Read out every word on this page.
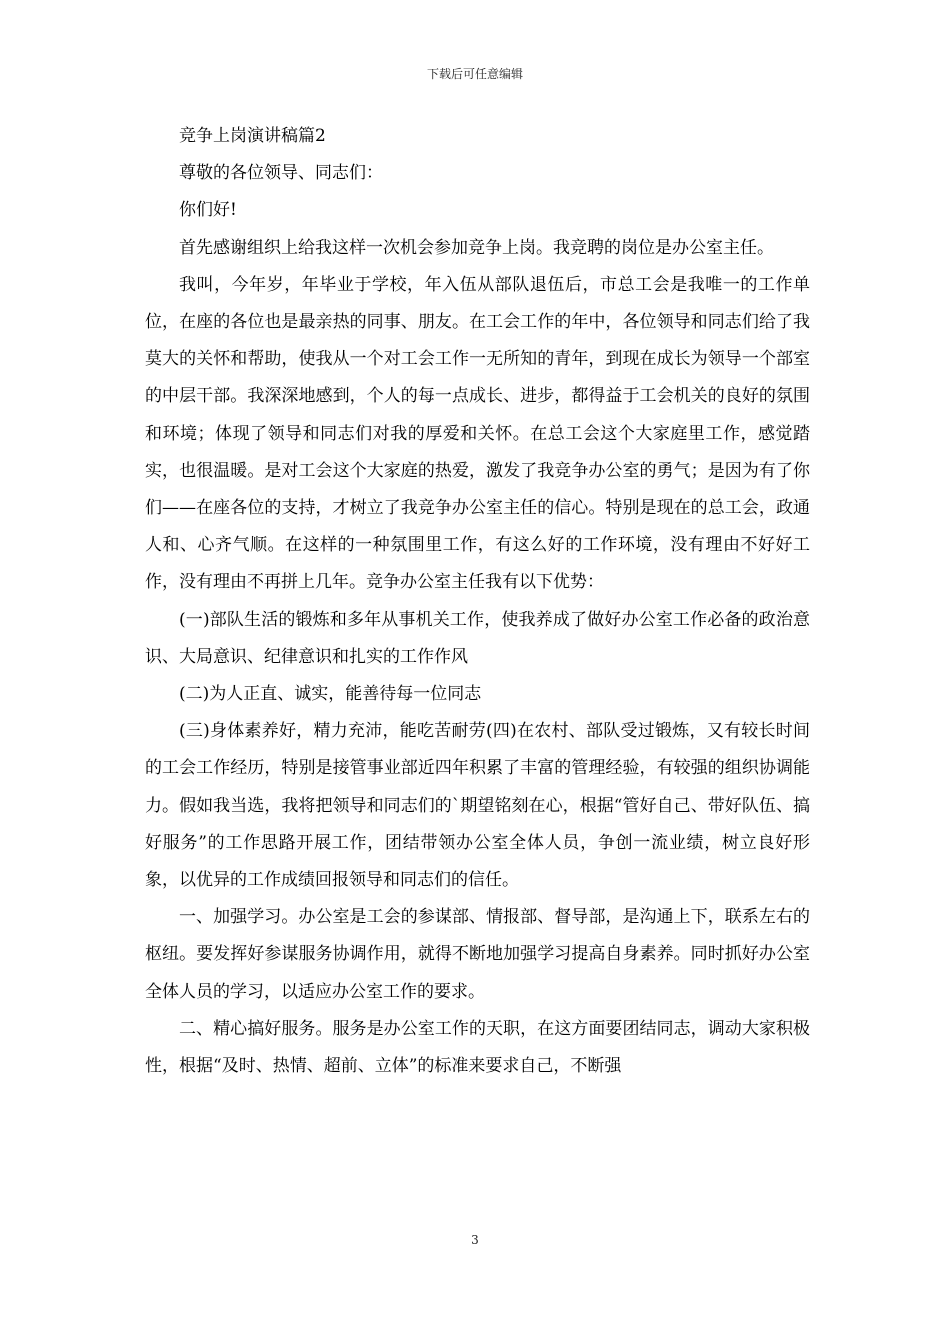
下载后可任意编辑

竞争上岗演讲稿篇2

尊敬的各位领导、同志们：

你们好!

首先感谢组织上给我这样一次机会参加竞争上岗。我竞聘的岗位是办公室主任。

我叫，今年岁，年毕业于学校，年入伍从部队退伍后，市总工会是我唯一的工作单位，在座的各位也是最亲热的同事、朋友。在工会工作的年中，各位领导和同志们给了我莫大的关怀和帮助，使我从一个对工会工作一无所知的青年，到现在成长为领导一个部室的中层干部。我深深地感到，个人的每一点成长、进步，都得益于工会机关的良好的氛围和环境；体现了领导和同志们对我的厚爱和关怀。在总工会这个大家庭里工作，感觉踏实，也很温暖。是对工会这个大家庭的热爱，激发了我竞争办公室的勇气；是因为有了你们——在座各位的支持，才树立了我竞争办公室主任的信心。特别是现在的总工会，政通人和、心齐气顺。在这样的一种氛围里工作，有这么好的工作环境，没有理由不好好工作，没有理由不再拼上几年。竞争办公室主任我有以下优势：

(一)部队生活的锻炼和多年从事机关工作，使我养成了做好办公室工作必备的政治意识、大局意识、纪律意识和扎实的工作作风

(二)为人正直、诚实，能善待每一位同志

(三)身体素养好，精力充沛，能吃苦耐劳(四)在农村、部队受过锻炼，又有较长时间的工会工作经历，特别是接管事业部近四年积累了丰富的管理经验，有较强的组织协调能力。假如我当选，我将把领导和同志们的`期望铭刻在心，根据“管好自己、带好队伍、搞好服务”的工作思路开展工作，团结带领办公室全体人员，争创一流业绩，树立良好形象，以优异的工作成绩回报领导和同志们的信任。

一、加强学习。办公室是工会的参谋部、情报部、督导部，是沟通上下，联系左右的枢纽。要发挥好参谋服务协调作用，就得不断地加强学习提高自身素养。同时抓好办公室全体人员的学习，以适应办公室工作的要求。

二、精心搞好服务。服务是办公室工作的天职，在这方面要团结同志，调动大家积极性，根据“及时、热情、超前、立体”的标准来要求自己，不断强

3
